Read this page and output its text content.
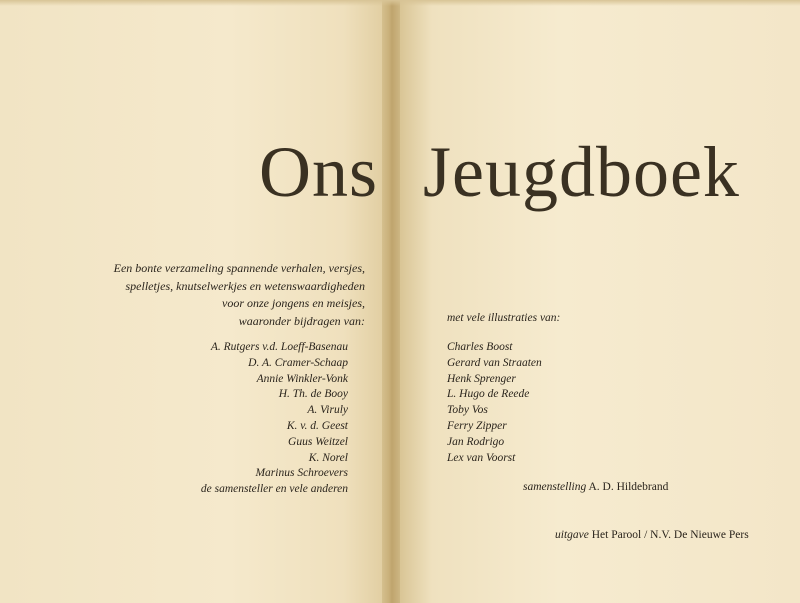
Ons Jeugdboek
Een bonte verzameling spannende verhalen, versjes,
spelletjes, knutselwerkjes en wetenswaardigheden
voor onze jongens en meisjes,
waaronder bijdragen van:
A. Rutgers v.d. Loeff-Basenau
D. A. Cramer-Schaap
Annie Winkler-Vonk
H. Th. de Booy
A. Viruly
K. v. d. Geest
Guus Weitzel
K. Norel
Marinus Schroevers
de samensteller en vele anderen
met vele illustraties van:
Charles Boost
Gerard van Straaten
Henk Sprenger
L. Hugo de Reede
Toby Vos
Ferry Zipper
Jan Rodrigo
Lex van Voorst
samenstelling A. D. Hildebrand
uitgave Het Parool / N.V. De Nieuwe Pers
